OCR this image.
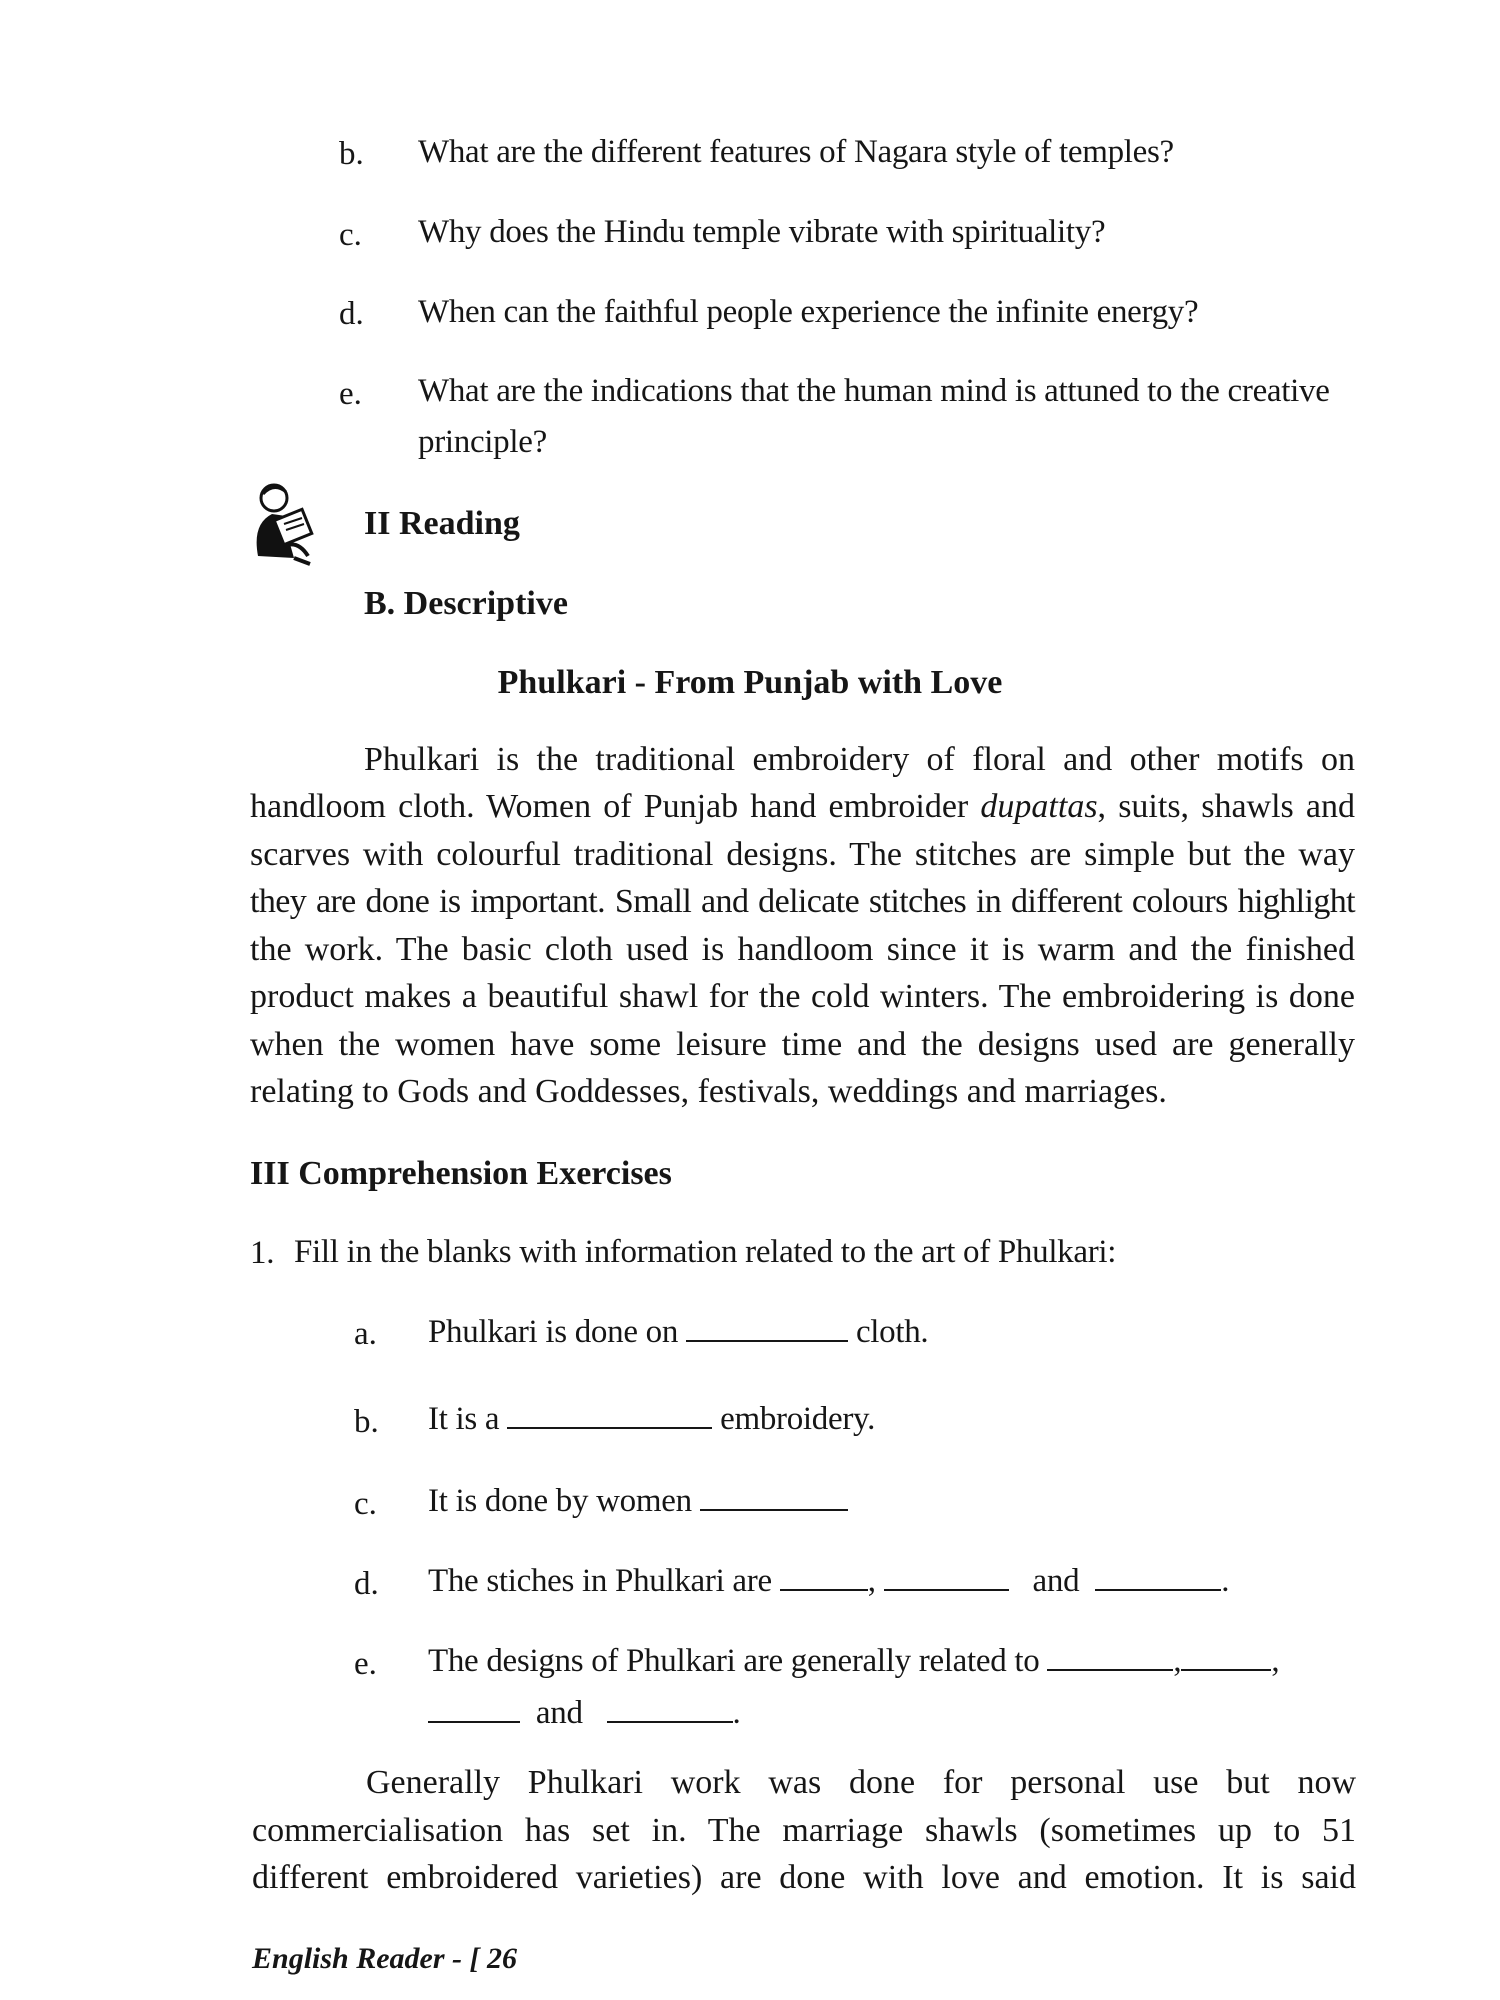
b. What are the different features of Nagara style of temples?
c. Why does the Hindu temple vibrate with spirituality?
d. When can the faithful people experience the infinite energy?
e. What are the indications that the human mind is attuned to the creative
principle?
II Reading
B. Descriptive
Phulkari - From Punjab with Love
Phulkari is the traditional embroidery of floral and other motifs on
handloom cloth. Women of Punjab hand embroider dupattas, suits, shawls and
scarves with colourful traditional designs. The stitches are simple but the way
they are done is important. Small and delicate stitches in different colours highlight
the work. The basic cloth used is handloom since it is warm and the finished
product makes a beautiful shawl for the cold winters. The embroidering is done
when the women have some leisure time and the designs used are generally
relating to Gods and Goddesses, festivals, weddings and marriages.
III Comprehension Exercises
1. Fill in the blanks with information related to the art of Phulkari:
a. Phulkari is done on	cloth.
b. It is a	embroidery.
c. It is done by women
d. The stiches in Phulkari are	,	and	.
e. The designs of Phulkari are generally related to	,	,
and	.
Generally Phulkari work was done for personal use but now
commercialisation has set in. The marriage shawls (sometimes up to 51
different embroidered varieties) are done with love and emotion. It is said
English Reader - [ 26
